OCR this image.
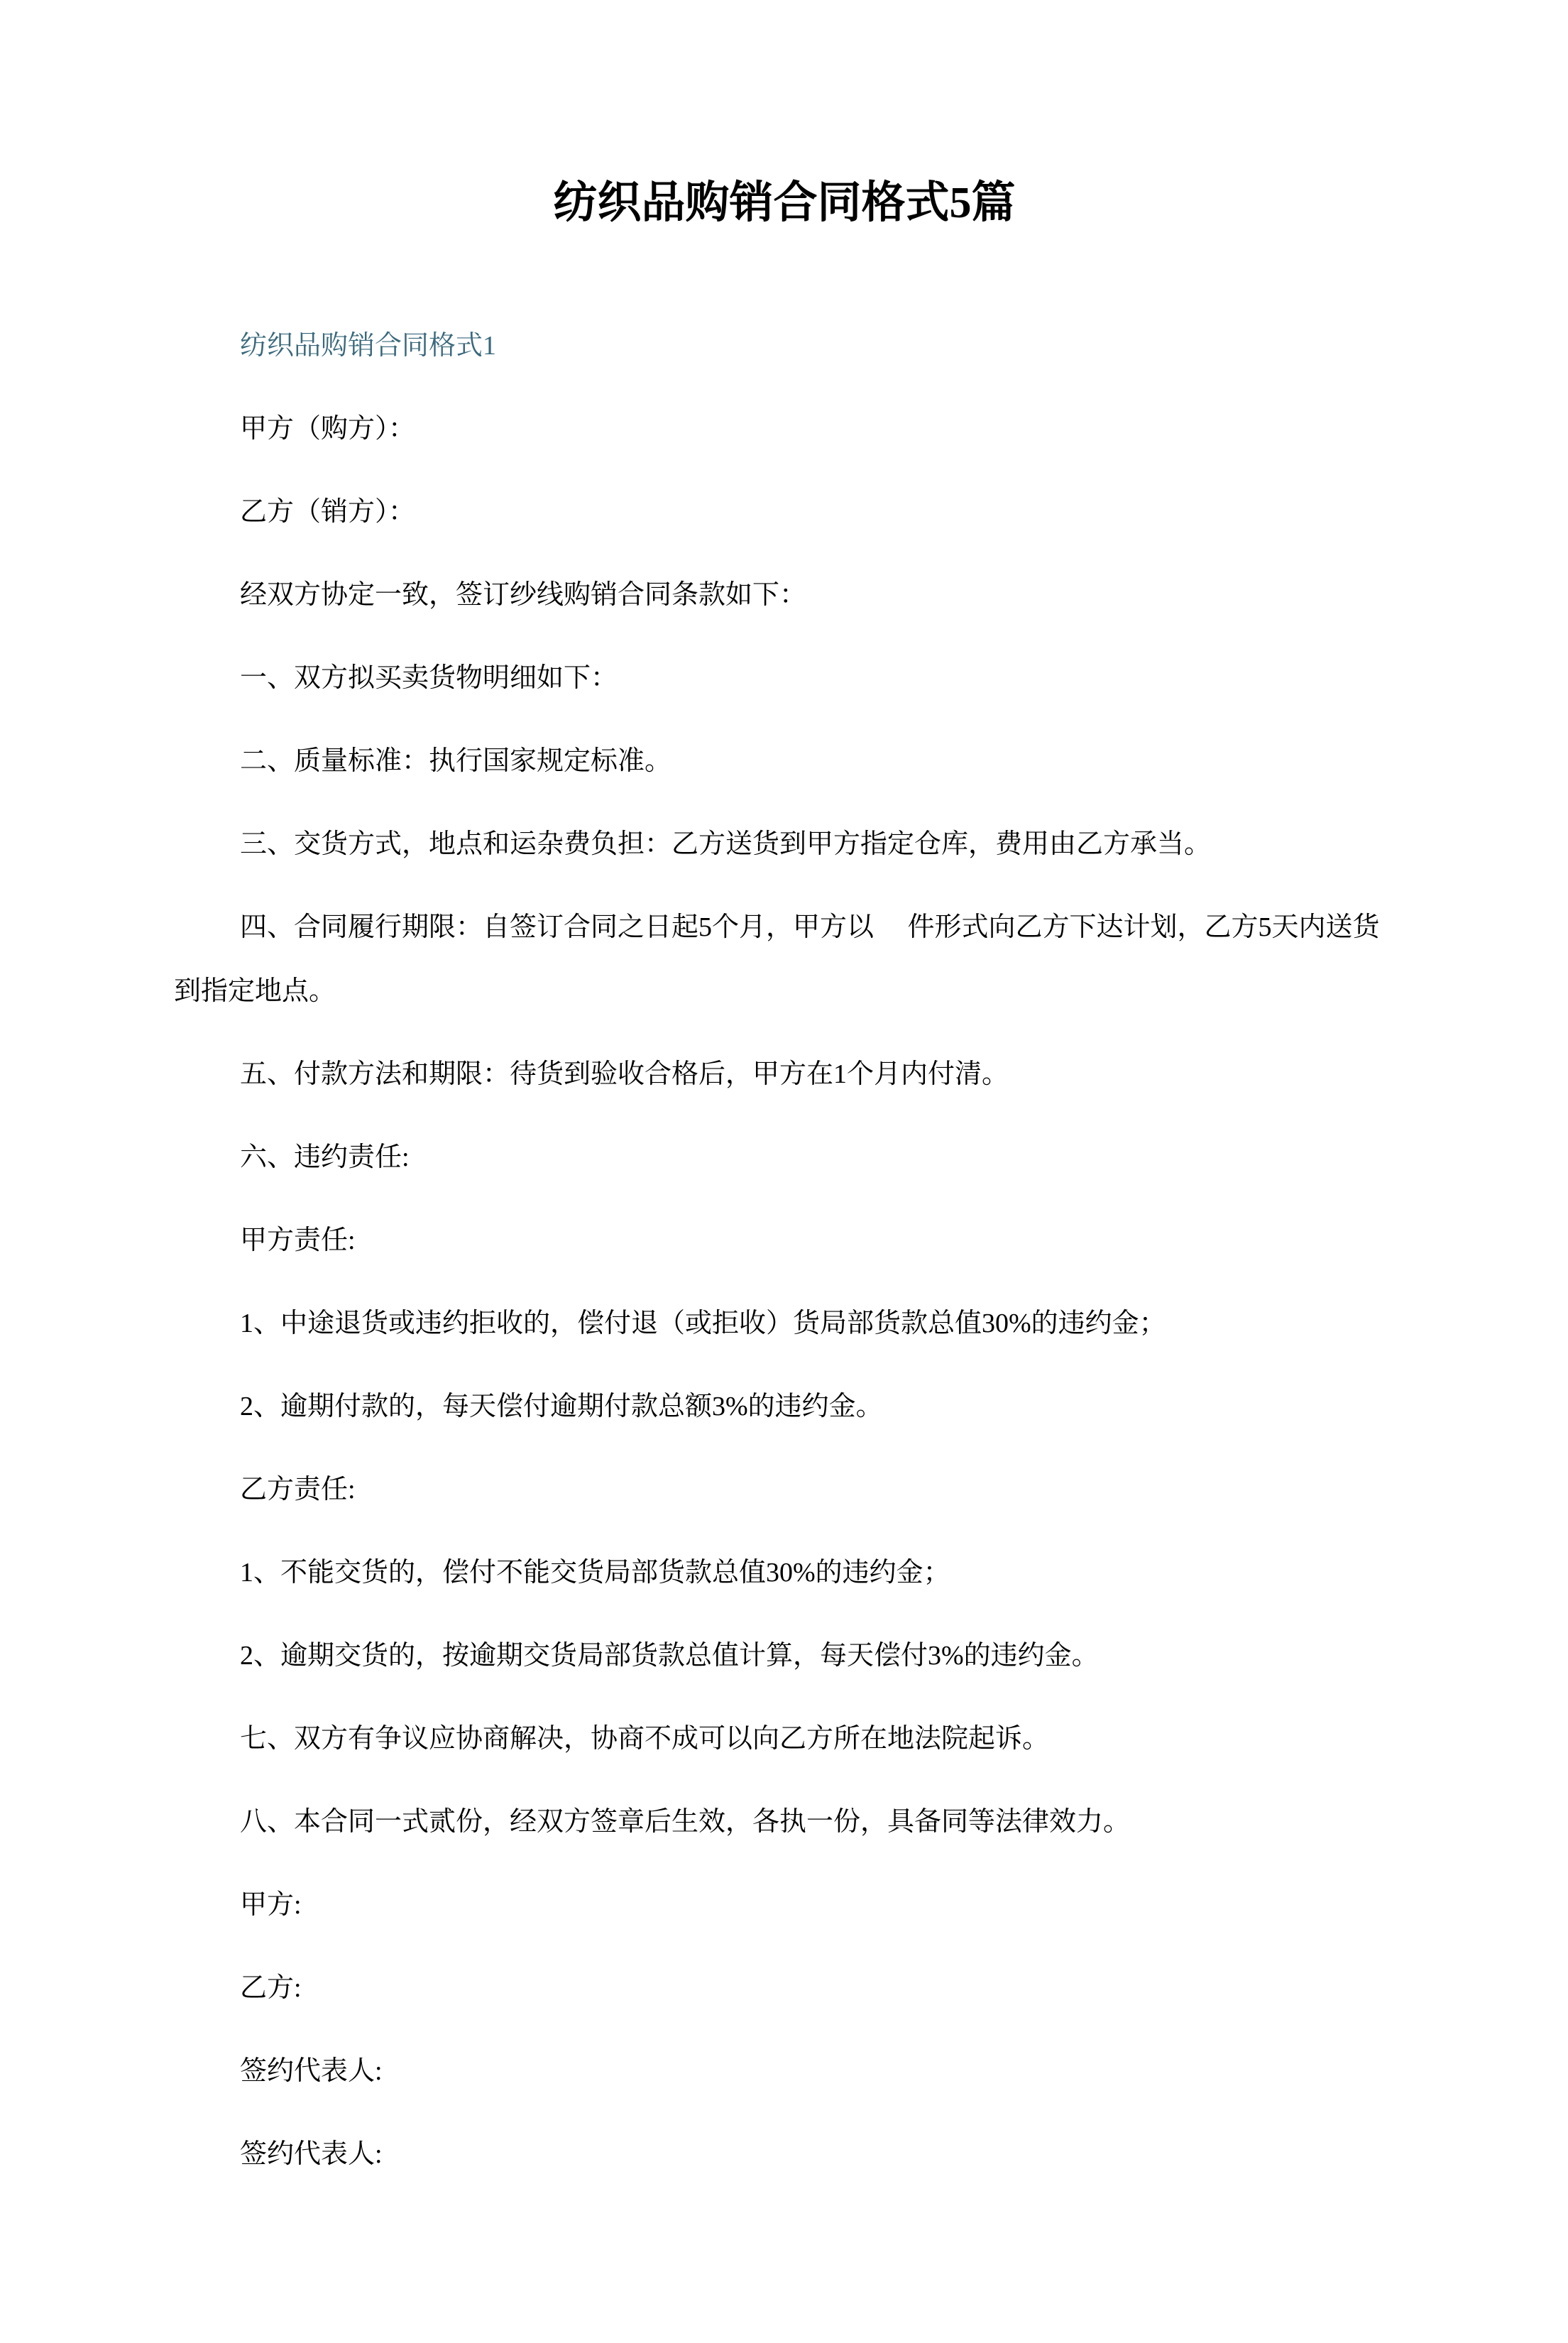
纺织品购销合同格式5篇
纺织品购销合同格式1
甲方（购方）：
乙方（销方）：
经双方协定一致，签订纱线购销合同条款如下：
一、双方拟买卖货物明细如下：
二、质量标准：执行国家规定标准。
三、交货方式，地点和运杂费负担：乙方送货到甲方指定仓库，费用由乙方承当。
四、合同履行期限：自签订合同之日起5个月，甲方以　 件形式向乙方下达计划，乙方5天内送货
到指定地点。
五、付款方法和期限：待货到验收合格后，甲方在1个月内付清。
六、违约责任:
甲方责任:
1、中途退货或违约拒收的，偿付退（或拒收）货局部货款总值30%的违约金；
2、逾期付款的，每天偿付逾期付款总额3%的违约金。
乙方责任:
1、不能交货的，偿付不能交货局部货款总值30%的违约金；
2、逾期交货的，按逾期交货局部货款总值计算，每天偿付3%的违约金。
七、双方有争议应协商解决，协商不成可以向乙方所在地法院起诉。
八、本合同一式贰份，经双方签章后生效，各执一份，具备同等法律效力。
甲方:
乙方:
签约代表人:
签约代表人:
